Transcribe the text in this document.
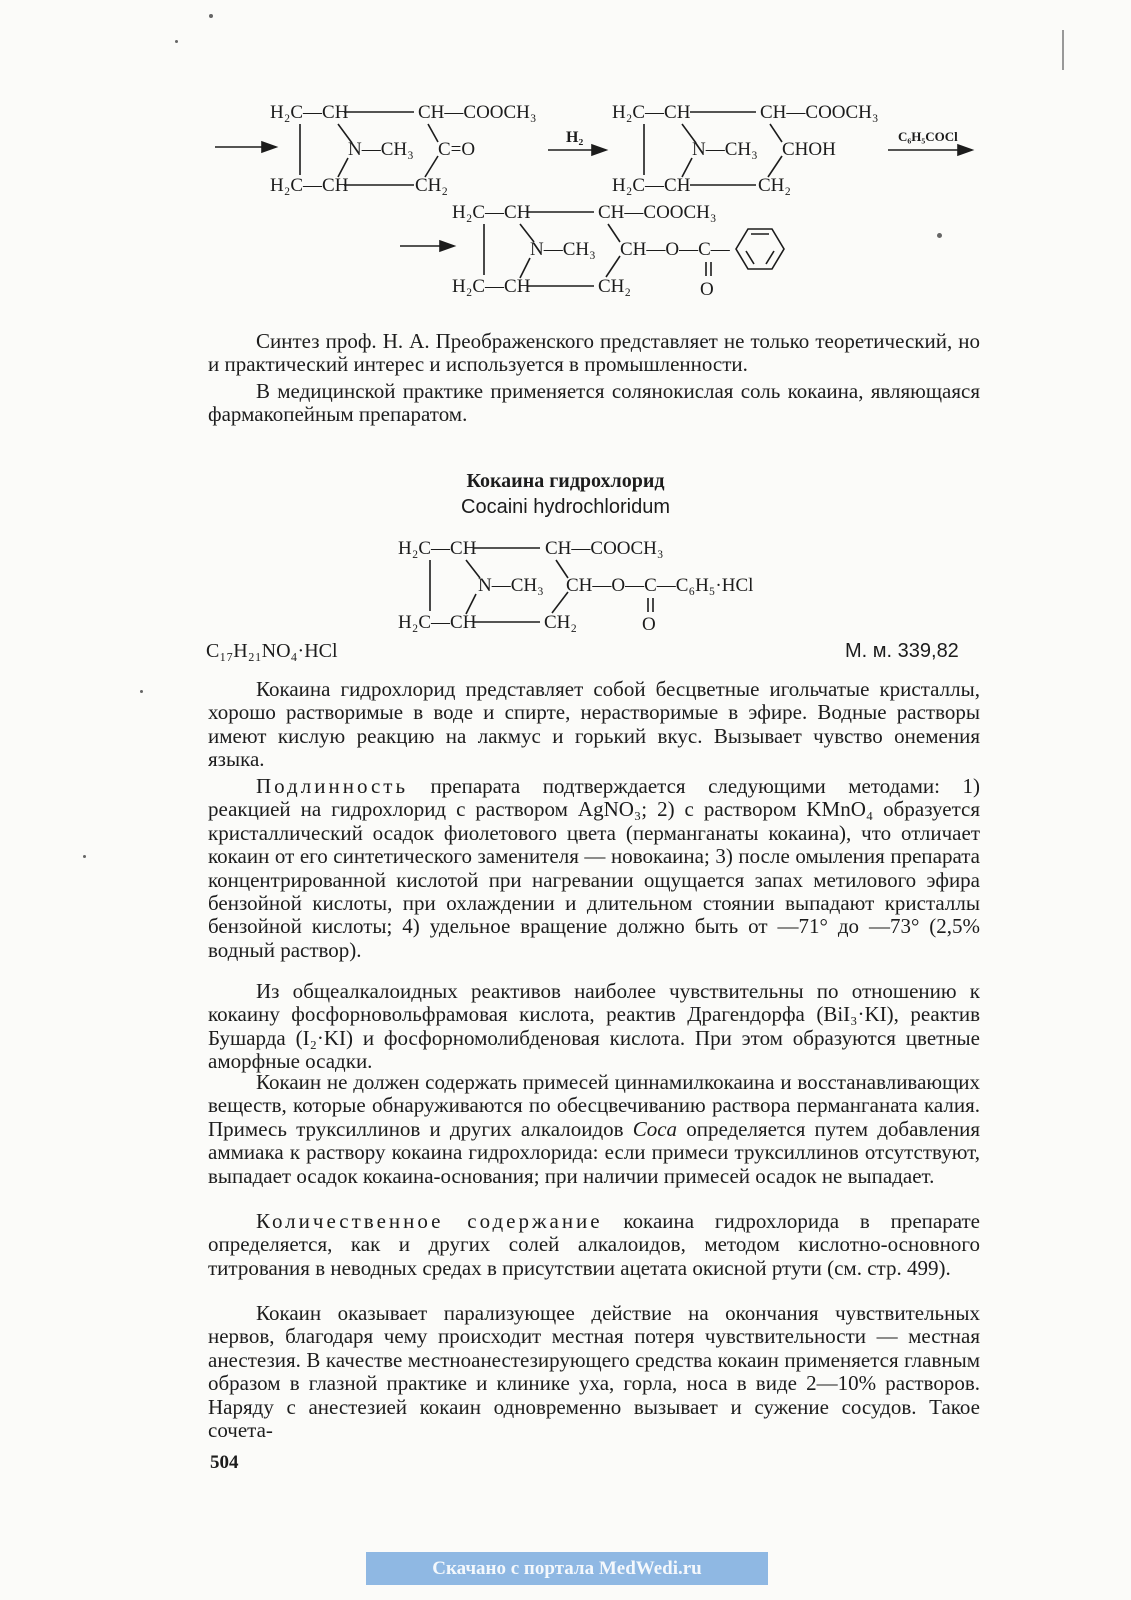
H₂C—CH	CH—COOCH₃
N—CH₃ C=O
H₂C—CH	CH₂
H₂
H₂C—CH	CH—COOCH₃
N—CH₃ CHOH
H₂C—CH	CH₂
C₆H₅COCl
H₂C—CH	CH—COOCH₃
N—CH₃ CH—O—C—
O
H₂C—CH	CH₂
H₂C—CH	CH—COOCH₃
N—CH₃ CH—O—C—C₆H₅·HCl
O
H₂C—CH	CH₂

Синтез проф. Н. А. Преображенского представляет не только теоретический, но и практический интерес и используется в промышленности.

В медицинской практике применяется солянокислая соль кокаина, являющаяся фармакопейным препаратом.

Кокаина гидрохлорид
Cocaini hydrochloridum
C₁₇H₂₁NO₄·HCl	М. м. 339,82

Кокаина гидрохлорид представляет собой бесцветные игольчатые кристаллы, хорошо растворимые в воде и спирте, нерастворимые в эфире. Водные растворы имеют кислую реакцию на лакмус и горький вкус. Вызывает чувство онемения языка.

Подлинность препарата подтверждается следующими методами: 1) реакцией на гидрохлорид с раствором AgNO₃; 2) с раствором KMnO₄ образуется кристаллический осадок фиолетового цвета (перманганаты кокаина), что отличает кокаин от его синтетического заменителя — новокаина; 3) после омыления препарата концентрированной кислотой при нагревании ощущается запах метилового эфира бензойной кислоты, при охлаждении и длительном стоянии выпадают кристаллы бензойной кислоты; 4) удельное вращение должно быть от —71° до —73° (2,5% водный раствор).

Из общеалкалоидных реактивов наиболее чувствительны по отношению к кокаину фосфорновольфрамовая кислота, реактив Драгендорфа (BiI₃·KI), реактив Бушарда (I₂·KI) и фосфорномолибденовая кислота. При этом образуются цветные аморфные осадки.

Кокаин не должен содержать примесей циннамилкокаина и восстанавливающих веществ, которые обнаруживаются по обесцвечиванию раствора перманганата калия. Примесь труксиллинов и других алкалоидов Coca определяется путем добавления аммиака к раствору кокаина гидрохлорида: если примеси труксиллинов отсутствуют, выпадает осадок кокаина-основания; при наличии примесей осадок не выпадает.

Количественное содержание кокаина гидрохлорида в препарате определяется, как и других солей алкалоидов, методом кислотно-основного титрования в неводных средах в присутствии ацетата окисной ртути (см. стр. 499).

Кокаин оказывает парализующее действие на окончания чувствительных нервов, благодаря чему происходит местная потеря чувствительности — местная анестезия. В качестве местноанестезирующего средства кокаин применяется главным образом в глазной практике и клинике уха, горла, носа в виде 2—10% растворов. Наряду с анестезией кокаин одновременно вызывает и сужение сосудов. Такое сочета-

504
Скачано с портала MedWedi.ru
